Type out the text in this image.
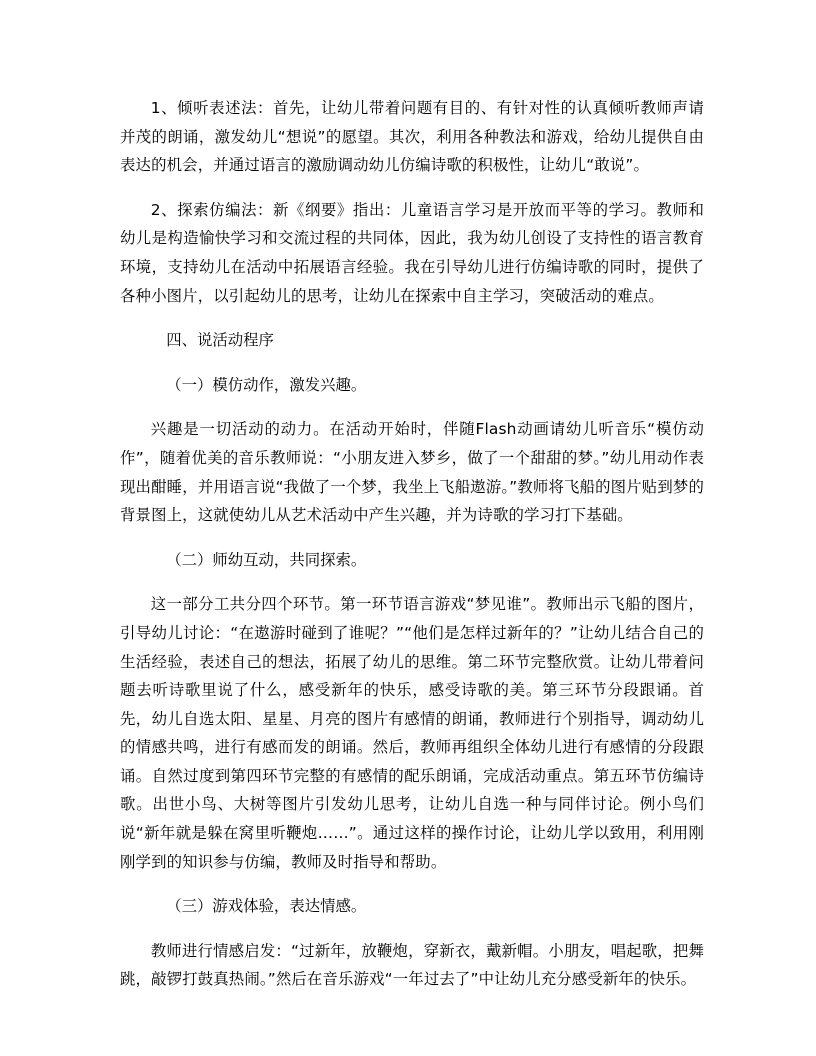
1、倾听表述法：首先，让幼儿带着问题有目的、有针对性的认真倾听教师声请并茂的朗诵，激发幼儿“想说”的愿望。其次，利用各种教法和游戏，给幼儿提供自由表达的机会，并通过语言的激励调动幼儿仿编诗歌的积极性，让幼儿“敢说”。

2、探索仿编法：新《纲要》指出：儿童语言学习是开放而平等的学习。教师和幼儿是构造愉快学习和交流过程的共同体，因此，我为幼儿创设了支持性的语言教育环境，支持幼儿在活动中拓展语言经验。我在引导幼儿进行仿编诗歌的同时，提供了各种小图片，以引起幼儿的思考，让幼儿在探索中自主学习，突破活动的难点。

四、说活动程序

（一）模仿动作，激发兴趣。

兴趣是一切活动的动力。在活动开始时，伴随Flash动画请幼儿听音乐“模仿动作”，随着优美的音乐教师说：“小朋友进入梦乡，做了一个甜甜的梦。”幼儿用动作表现出酣睡，并用语言说“我做了一个梦，我坐上飞船遨游。”教师将飞船的图片贴到梦的背景图上，这就使幼儿从艺术活动中产生兴趣，并为诗歌的学习打下基础。

（二）师幼互动，共同探索。

这一部分工共分四个环节。第一环节语言游戏“梦见谁”。教师出示飞船的图片，引导幼儿讨论：“在遨游时碰到了谁呢？”“他们是怎样过新年的？”让幼儿结合自己的生活经验，表述自己的想法，拓展了幼儿的思维。第二环节完整欣赏。让幼儿带着问题去听诗歌里说了什么，感受新年的快乐，感受诗歌的美。第三环节分段跟诵。首先，幼儿自选太阳、星星、月亮的图片有感情的朗诵，教师进行个别指导，调动幼儿的情感共鸣，进行有感而发的朗诵。然后，教师再组织全体幼儿进行有感情的分段跟诵。自然过度到第四环节完整的有感情的配乐朗诵，完成活动重点。第五环节仿编诗歌。出世小鸟、大树等图片引发幼儿思考，让幼儿自选一种与同伴讨论。例小鸟们说“新年就是躲在窝里听鞭炮……”。通过这样的操作讨论，让幼儿学以致用，利用刚刚学到的知识参与仿编，教师及时指导和帮助。

（三）游戏体验，表达情感。

教师进行情感启发：“过新年，放鞭炮，穿新衣，戴新帽。小朋友，唱起歌，把舞跳，敲锣打鼓真热闹。”然后在音乐游戏“一年过去了”中让幼儿充分感受新年的快乐。
